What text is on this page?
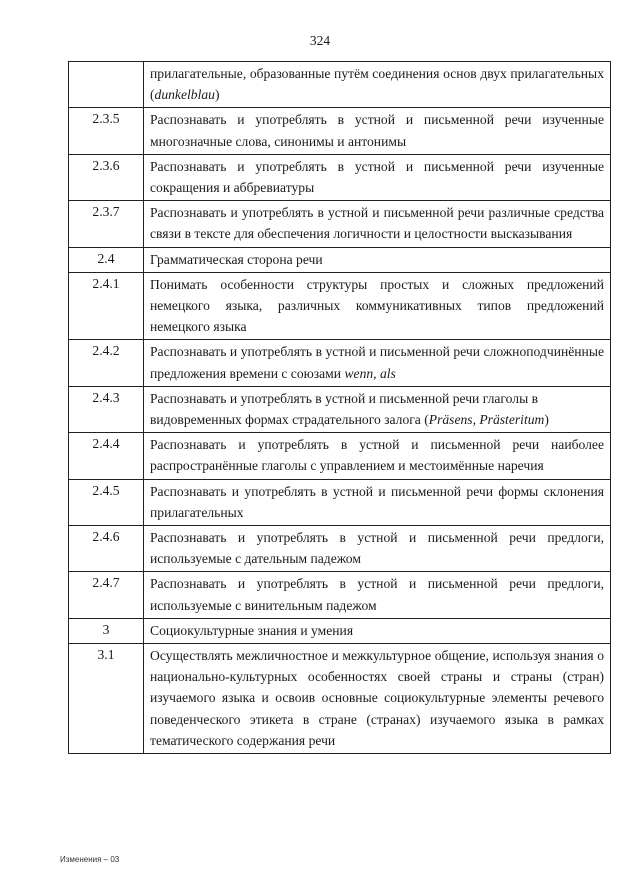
324
	прилагательные, образованные путём соединения основ двух прилагательных (dunkelblau)
2.3.5	Распознавать и употреблять в устной и письменной речи изученные многозначные слова, синонимы и антонимы
2.3.6	Распознавать и употреблять в устной и письменной речи изученные сокращения и аббревиатуры
2.3.7	Распознавать и употреблять в устной и письменной речи различные средства связи в тексте для обеспечения логичности и целостности высказывания
2.4	Грамматическая сторона речи
2.4.1	Понимать особенности структуры простых и сложных предложений немецкого языка, различных коммуникативных типов предложений немецкого языка
2.4.2	Распознавать и употреблять в устной и письменной речи сложноподчинённые предложения времени с союзами wenn, als
2.4.3	Распознавать и употреблять в устной и письменной речи глаголы в видовременных формах страдательного залога (Präsens, Prästeritum)
2.4.4	Распознавать и употреблять в устной и письменной речи наиболее распространённые глаголы с управлением и местоимённые наречия
2.4.5	Распознавать и употреблять в устной и письменной речи формы склонения прилагательных
2.4.6	Распознавать и употреблять в устной и письменной речи предлоги, используемые с дательным падежом
2.4.7	Распознавать и употреблять в устной и письменной речи предлоги, используемые с винительным падежом
3	Социокультурные знания и умения
3.1	Осуществлять межличностное и межкультурное общение, используя знания о национально-культурных особенностях своей страны и страны (стран) изучаемого языка и освоив основные социокультурные элементы речевого поведенческого этикета в стране (странах) изучаемого языка в рамках тематического содержания речи
Изменения – 03
